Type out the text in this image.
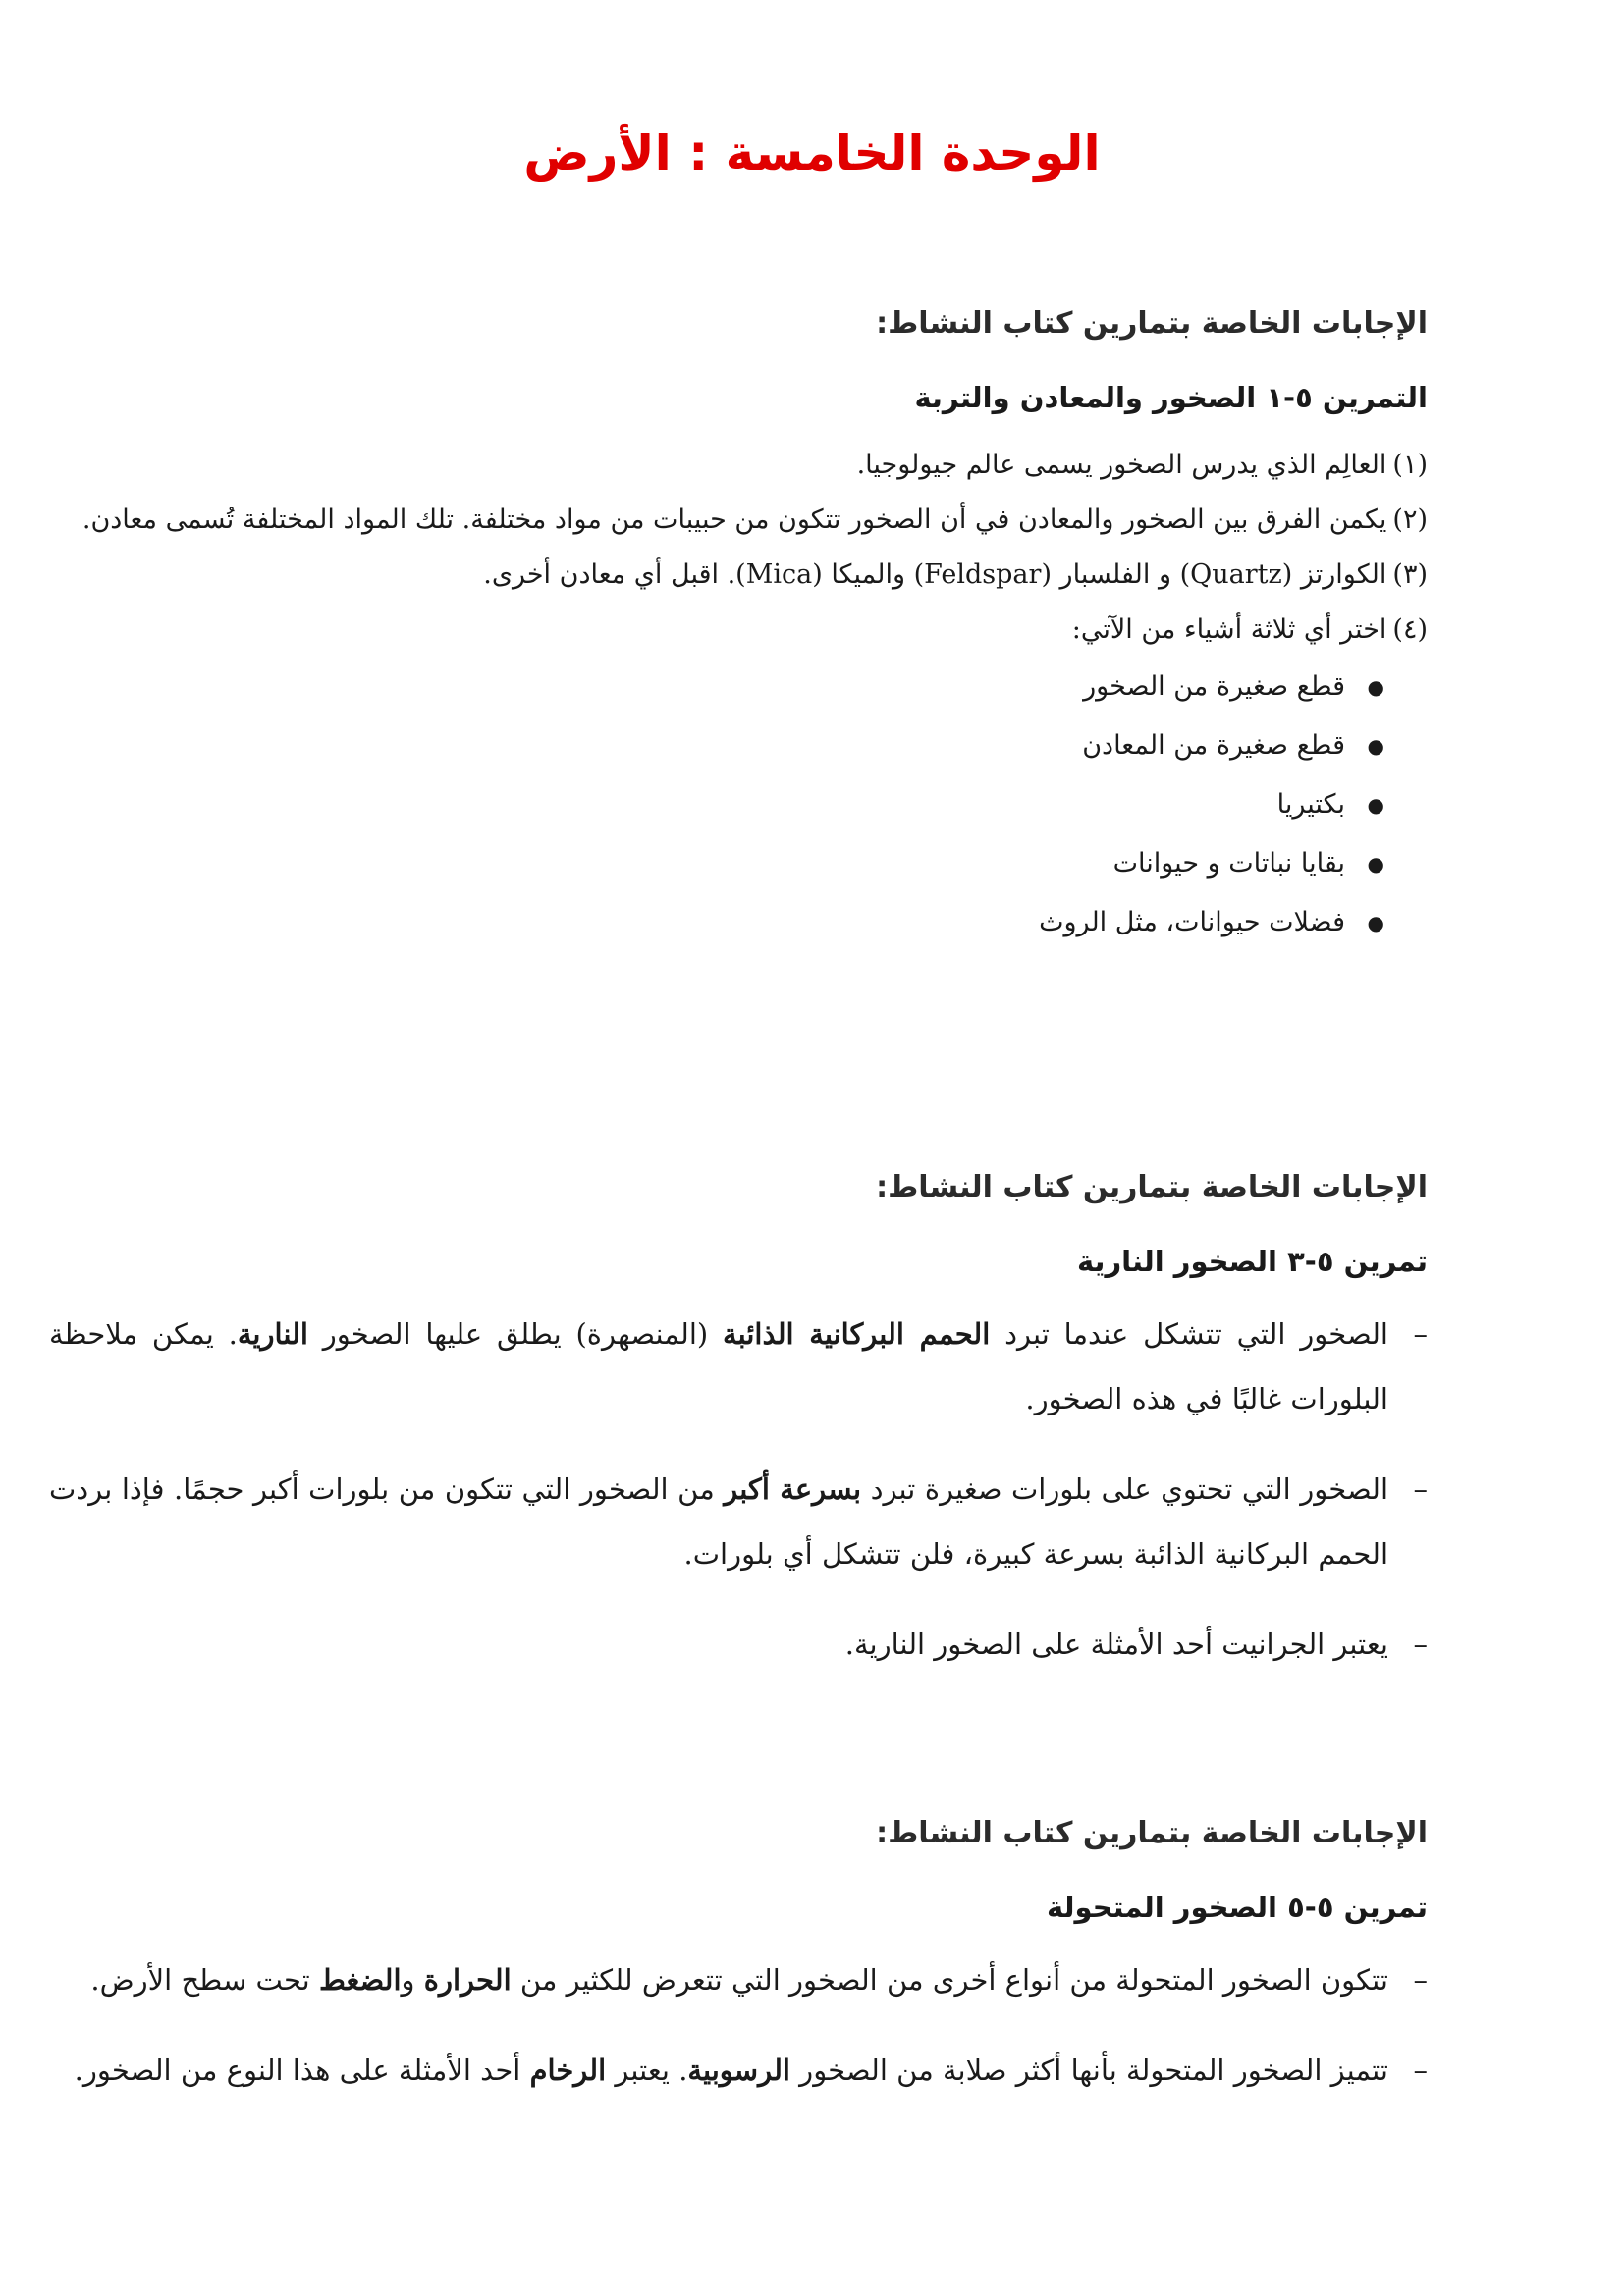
الوحدة الخامسة : الأرض

الإجابات الخاصة بتمارين كتاب النشاط:

التمرين ٥-١ الصخور والمعادن والتربة

(١)العالِم الذي يدرس الصخور يسمى عالم جيولوجيا.
(٢)يكمن الفرق بين الصخور والمعادن في أن الصخور تتكون من حبيبات من مواد مختلفة. تلك المواد المختلفة تُسمى معادن.
(٣)الكوارتز (Quartz) و الفلسبار (Feldspar) والميكا (Mica). اقبل أي معادن أخرى.
(٤)اختر أي ثلاثة أشياء من الآتي:
●
قطع صغيرة من الصخور
●
قطع صغيرة من المعادن
●
بكتيريا
●
بقايا نباتات و حيوانات
●
فضلات حيوانات، مثل الروث

الإجابات الخاصة بتمارين كتاب النشاط:

تمرين ٥-٣ الصخور النارية

–
الصخور التي تتشكل عندما تبرد الحمم البركانية الذائبة (المنصهرة) يطلق عليها الصخور النارية. يمكن ملاحظة البلورات غالبًا في هذه الصخور.
–
الصخور التي تحتوي على بلورات صغيرة تبرد بسرعة أكبر من الصخور التي تتكون من بلورات أكبر حجمًا. فإذا بردت الحمم البركانية الذائبة بسرعة كبيرة، فلن تتشكل أي بلورات.
–
يعتبر الجرانيت أحد الأمثلة على الصخور النارية.

الإجابات الخاصة بتمارين كتاب النشاط:

تمرين ٥-٥ الصخور المتحولة

–
تتكون الصخور المتحولة من أنواع أخرى من الصخور التي تتعرض للكثير من الحرارة والضغط تحت سطح الأرض.
–
تتميز الصخور المتحولة بأنها أكثر صلابة من الصخور الرسوبية. يعتبر الرخام أحد الأمثلة على هذا النوع من الصخور.
